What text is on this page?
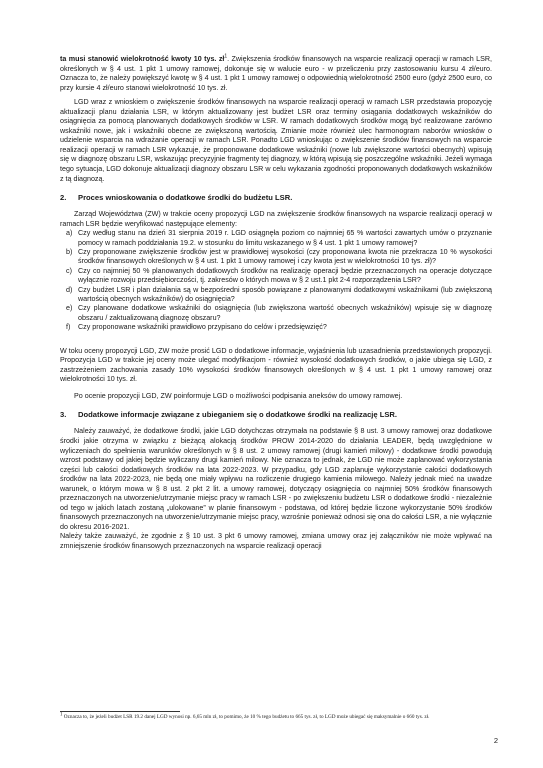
ta musi stanowić wielokrotność kwoty 10 tys. $zł^1$. Zwiększenia środków finansowych na wsparcie realizacji operacji w ramach LSR, określonych w § 4 ust. 1 pkt 1 umowy ramowej, dokonuje się w walucie euro - w przeliczeniu przy zastosowaniu kursu 4 zł/euro. Oznacza to, że należy powiększyć kwotę w § 4 ust. 1 pkt 1 umowy ramowej o odpowiednią wielokrotność 2500 euro (gdyż 2500 euro, co przy kursie 4 zł/euro stanowi wielokrotność 10 tys. zł.

LGD wraz z wnioskiem o zwiększenie środków finansowych na wsparcie realizacji operacji w ramach LSR przedstawia propozycję aktualizacji planu działania LSR, w którym aktualizowany jest budżet LSR oraz terminy osiągania dodatkowych wskaźników do osiągnięcia za pomocą planowanych dodatkowych środków w LSR. W ramach dodatkowych środków mogą być realizowane zarówno wskaźniki nowe, jak i wskaźniki obecne ze zwiększoną wartością. Zmianie może również ulec harmonogram naborów wniosków o udzielenie wsparcia na wdrażanie operacji w ramach LSR. Ponadto LGD wnioskując o zwiększenie środków finansowych na wsparcie realizacji operacji w ramach LSR wykazuje, że proponowane dodatkowe wskaźniki (nowe lub zwiększone wartości obecnych) wpisują się w diagnozę obszaru LSR, wskazując precyzyjnie fragmenty tej diagnozy, w którą wpisują się poszczególne wskaźniki. Jeżeli wymaga tego sytuacja, LGD dokonuje aktualizacji diagnozy obszaru LSR w celu wykazania zgodności proponowanych dodatkowych wskaźników z tą diagnozą.

2.	Proces wnioskowania o dodatkowe środki do budżetu LSR.

Zarząd Województwa (ZW) w trakcie oceny propozycji LGD na zwiększenie środków finansowych na wsparcie realizacji operacji w ramach LSR będzie weryfikować następujące elementy:

a) Czy według stanu na dzień 31 sierpnia 2019 r. LGD osiągnęła poziom co najmniej 65 % wartości zawartych umów o przyznanie pomocy w ramach poddziałania 19.2. w stosunku do limitu wskazanego w § 4 ust. 1 pkt 1 umowy ramowej?
b) Czy proponowane zwiększenie środków jest w prawidłowej wysokości (czy proponowana kwota nie przekracza 10 % wysokości środków finansowych określonych w § 4 ust. 1 pkt 1 umowy ramowej i czy kwota jest w wielokrotności 10 tys. zł)?
c) Czy co najmniej 50 % planowanych dodatkowych środków na realizację operacji będzie przeznaczonych na operacje dotyczące wyłącznie rozwoju przedsiębiorczości, tj. zakresów o których mowa w § 2 ust.1 pkt 2-4 rozporządzenia LSR?
d) Czy budżet LSR i plan działania są w bezpośredni sposób powiązane z planowanymi dodatkowymi wskaźnikami (lub zwiększoną wartością obecnych wskaźników) do osiągnięcia?
e) Czy planowane dodatkowe wskaźniki do osiągnięcia (lub zwiększona wartość obecnych wskaźników) wpisuje się w diagnozę obszaru / zaktualizowaną diagnozę obszaru?
f)	Czy proponowane wskaźniki prawidłowo przypisano do celów i przedsięwzięć?

W toku oceny propozycji LGD, ZW może prosić LGD o dodatkowe informacje, wyjaśnienia lub uzasadnienia przedstawionych propozycji. Propozycja LGD w trakcie jej oceny może ulegać modyfikacjom - również wysokość dodatkowych środków, o jakie ubiega się LGD, z zastrzeżeniem zachowania zasady 10% wysokości środków finansowych określonych w § 4 ust. 1 pkt 1 umowy ramowej oraz wielokrotności 10 tys. zł.

Po ocenie propozycji LGD, ZW poinformuje LGD o możliwości podpisania aneksów do umowy ramowej.

3.	Dodatkowe informacje związane z ubieganiem się o dodatkowe środki na realizację LSR.

Należy zauważyć, że dodatkowe środki, jakie LGD dotychczas otrzymała na podstawie § 8 ust. 3 umowy ramowej oraz dodatkowe środki jakie otrzyma w związku z bieżącą alokacją środków PROW 2014-2020 do działania LEADER, będą uwzględnione w wyliczeniach do spełnienia warunków określonych w § 8 ust. 2 umowy ramowej (drugi kamień milowy) - dodatkowe środki powodują wzrost podstawy od jakiej będzie wyliczany drugi kamień milowy. Nie oznacza to jednak, że LGD nie może zaplanować wykorzystania części lub całości dodatkowych środków na lata 2022-2023. W przypadku, gdy LGD zaplanuje wykorzystanie całości dodatkowych środków na lata 2022-2023, nie będą one miały wpływu na rozliczenie drugiego kamienia milowego. Należy jednak mieć na uwadze warunek, o którym mowa w § 8 ust. 2 pkt 2 lit. a umowy ramowej, dotyczący osiągnięcia co najmniej 50% środków finansowych przeznaczonych na utworzenie/utrzymanie miejsc pracy w ramach LSR - po zwiększeniu budżetu LSR o dodatkowe środki - niezależnie od tego w jakich latach zostaną „ulokowane” w planie finansowym - podstawa, od której będzie liczone wykorzystanie 50% środków finansowych przeznaczonych na utworzenie/utrzymanie miejsc pracy, wzrośnie ponieważ odnosi się ona do całości LSR, a nie wyłącznie do okresu 2016-2021.

Należy także zauważyć, że zgodnie z § 10 ust. 3 pkt 6 umowy ramowej, zmiana umowy oraz jej załączników nie może wpływać na zmniejszenie środków finansowych przeznaczonych na wsparcie realizacji operacji

$^1$ Oznacza to, że jeżeli budżet LSR 19.2 danej LGD wynosi np. 6,65 mln zł, to pomimo, że 10 % tego budżetu to 665 tys. zł, to LGD może ubiegać się maksymalnie o 660 tys. zł.
2
